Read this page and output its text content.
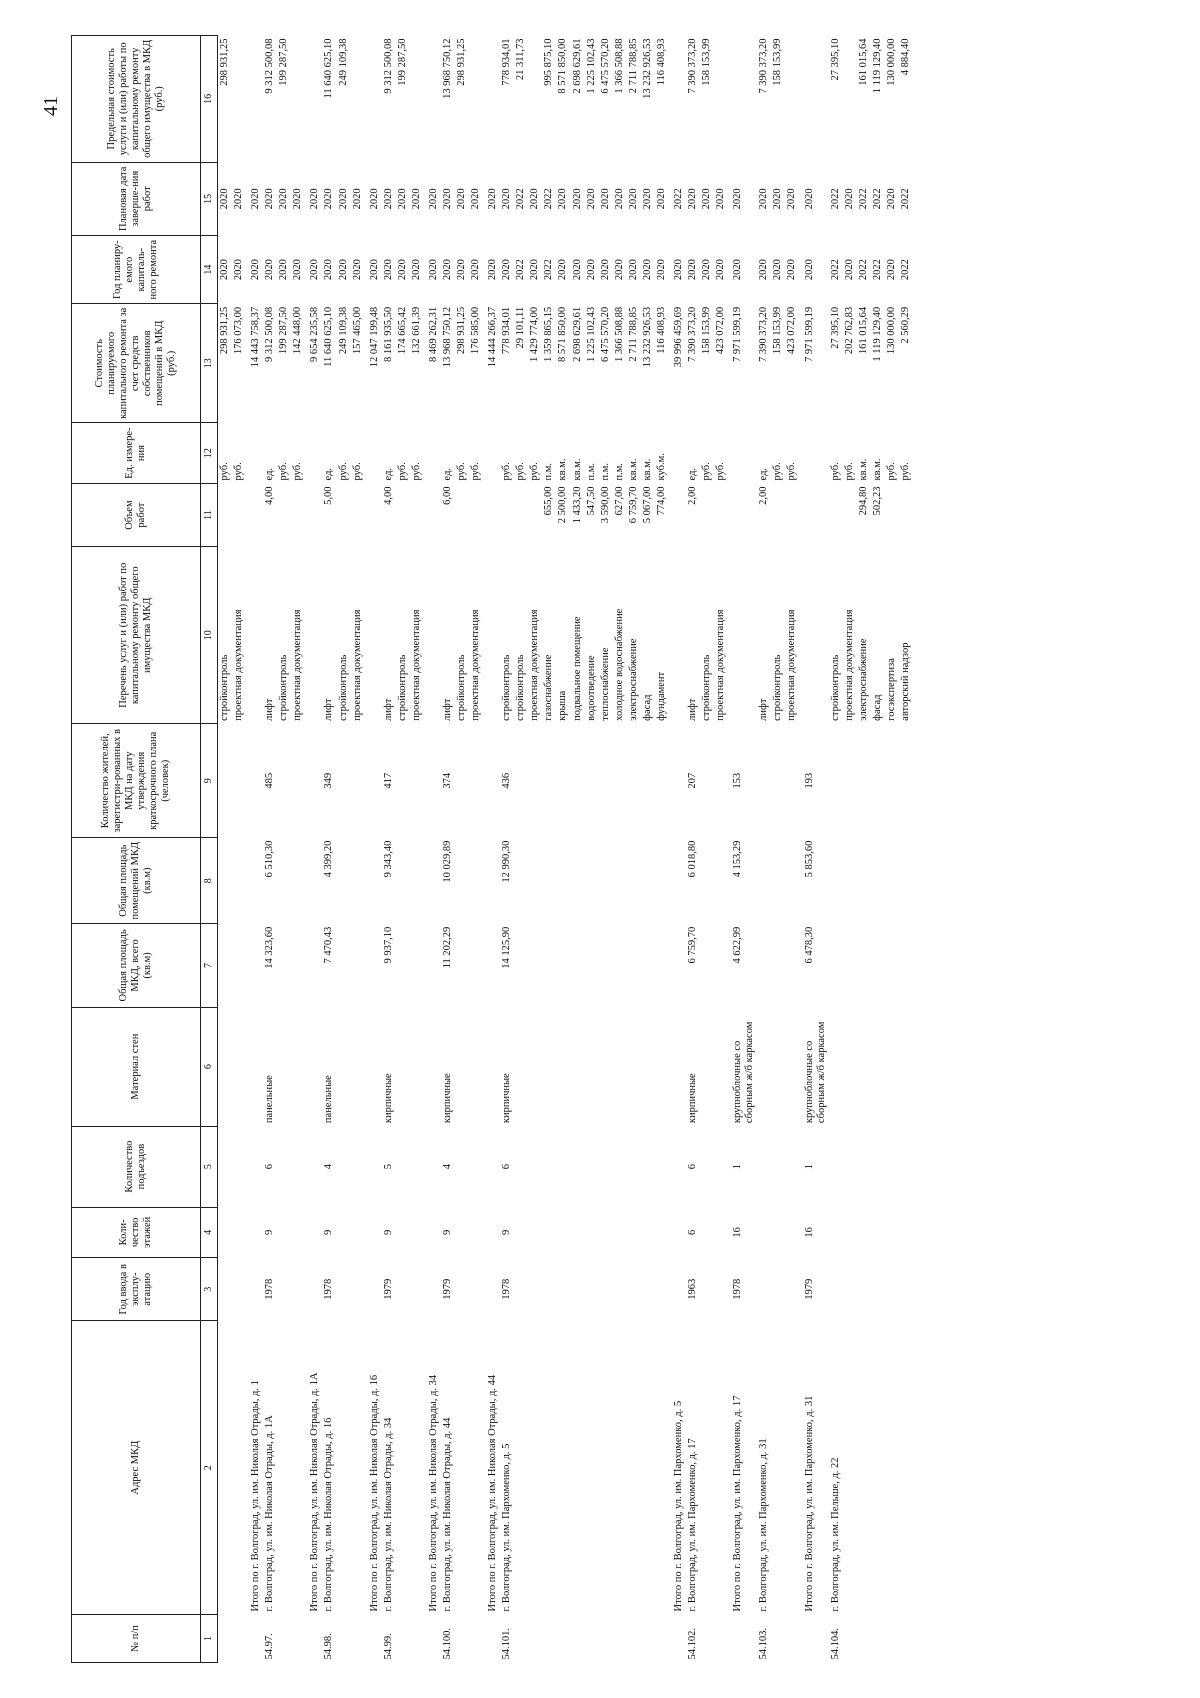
41
№ п/п	Адрес МКД	Год ввода в эксплу-атацию	Коли-чество этажей	Количество подъездов	Материал стен	Общая площадь МКД, всего (кв.м)	Общая площадь помещений МКД (кв.м)	Количество жителей, зарегистри-рованных в МКД на дату утверждения краткосрочного плана (человек)	Перечень услуг и (или) работ по капитальному ремонту общего имущества МКД	Объем работ	Ед. измере-ния	Стоимость планируемого капитального ремонта за счет средств собственников помещений в МКД (руб.)	Год планиру-емого капиталь-ного ремонта	Плановая дата заверше-ния работ	Предельная стоимость услуги и (или) работы по капитальному ремонту общего имущества в МКД (руб.)
1	2	3	4	5	6	7	8	9	10	11	12	13	14	15	16
									стройконтроль		руб.	298 931,25	2020	2020	298 931,25
									проектная документация		руб.	176 073,00	2020	2020	
	Итого по г. Волгоград, ул. им. Николая Отрады, д. 1											14 443 758,37	2020	2020	
54.97.	г. Волгоград, ул. им. Николая Отрады, д. 1А	1978	9	6	панельные	14 323,60	6 510,30	485	лифт	4,00	ед.	9 312 500,08	2020	2020	9 312 500,08
									стройконтроль		руб.	199 287,50	2020	2020	199 287,50
									проектная документация		руб.	142 448,00	2020	2020	
	Итого по г. Волгоград, ул. им. Николая Отрады, д. 1А											9 654 235,58	2020	2020	
54.98.	г. Волгоград, ул. им. Николая Отрады, д. 16	1978	9	4	панельные	7 470,43	4 399,20	349	лифт	5,00	ед.	11 640 625,10	2020	2020	11 640 625,10
									стройконтроль		руб.	249 109,38	2020	2020	249 109,38
									проектная документация		руб.	157 465,00	2020	2020	
	Итого по г. Волгоград, ул. им. Николая Отрады, д. 16											12 047 199,48	2020	2020	
54.99.	г. Волгоград, ул. им. Николая Отрады, д. 34	1979	9	5	кирпичные	9 937,10	9 343,40	417	лифт	4,00	ед.	8 161 935,50	2020	2020	9 312 500,08
									стройконтроль		руб.	174 665,42	2020	2020	199 287,50
									проектная документация		руб.	132 661,39	2020	2020	
	Итого по г. Волгоград, ул. им. Николая Отрады, д. 34											8 469 262,31	2020	2020	
54.100.	г. Волгоград, ул. им. Николая Отрады, д. 44	1979	9	4	кирпичные	11 202,29	10 029,89	374	лифт	6,00	ед.	13 968 750,12	2020	2020	13 968 750,12
									стройконтроль		руб.	298 931,25	2020	2020	298 931,25
									проектная документация		руб.	176 585,00	2020	2020	
	Итого по г. Волгоград, ул. им. Николая Отрады, д. 44											14 444 266,37	2020	2020	
54.101.	г. Волгоград, ул. им. Пархоменко, д. 5	1978	9	6	кирпичные	14 125,90	12 990,30	436	стройконтроль		руб.	778 934,01	2020	2020	778 934,01
									стройконтроль		руб.	29 101,11	2022	2022	21 311,73
									проектная документация		руб.	1 429 774,00	2020	2020	
									газоснабжение	655,00	п.м.	1 359 865,15	2022	2022	995 875,10
									крыша	2 500,00	кв.м.	8 571 850,00	2020	2020	8 571 850,00
									подвальное помещение	1 433,20	кв.м.	2 698 629,61	2020	2020	2 698 629,61
									водоотведение	547,50	п.м.	1 225 102,43	2020	2020	1 225 102,43
									теплоснабжение	3 590,00	п.м.	6 475 570,20	2020	2020	6 475 570,20
									холодное водоснабжение	627,00	п.м.	1 366 508,88	2020	2020	1 366 508,88
									электроснабжение	6 759,70	кв.м.	2 711 788,85	2020	2020	2 711 788,85
									фасад	5 067,00	кв.м.	13 232 926,53	2020	2020	13 232 926,53
									фундамент	774,00	куб.м.	116 408,93	2020	2020	116 408,93
	Итого по г. Волгоград, ул. им. Пархоменко, д. 5											39 996 459,69	2020	2022	
54.102.	г. Волгоград, ул. им. Пархоменко, д. 17	1963	6	6	кирпичные	6 759,70	6 018,80	207	лифт	2,00	ед.	7 390 373,20	2020	2020	7 390 373,20
									стройконтроль		руб.	158 153,99	2020	2020	158 153,99
									проектная документация		руб.	423 072,00	2020	2020	
	Итого по г. Волгоград, ул. им. Пархоменко, д. 17	1978	16	1	крупноблочные со сборным ж/б каркасом	4 622,99	4 153,29	153				7 971 599,19	2020	2020	
54.103.	г. Волгоград, ул. им. Пархоменко, д. 31								лифт	2,00	ед.	7 390 373,20	2020	2020	7 390 373,20
									стройконтроль		руб.	158 153,99	2020	2020	158 153,99
									проектная документация		руб.	423 072,00	2020	2020	
	Итого по г. Волгоград, ул. им. Пархоменко, д. 31	1979	16	1	крупноблочные со сборным ж/б каркасом	6 478,30	5 853,60	193				7 971 599,19	2020	2020	
54.104.	г. Волгоград, ул. им. Пельше, д. 22								стройконтроль		руб.	27 395,10	2022	2022	27 395,10
									проектная документация		руб.	202 762,83	2020	2020	
									электроснабжение	294,80	кв.м.	161 015,64	2022	2022	161 015,64
									фасад	502,23	кв.м.	1 119 129,40	2022	2022	1 119 129,40
									госэкспертиза		руб.	130 000,00	2020	2020	130 000,00
									авторский надзор		руб.	2 560,29	2022	2022	4 884,40
